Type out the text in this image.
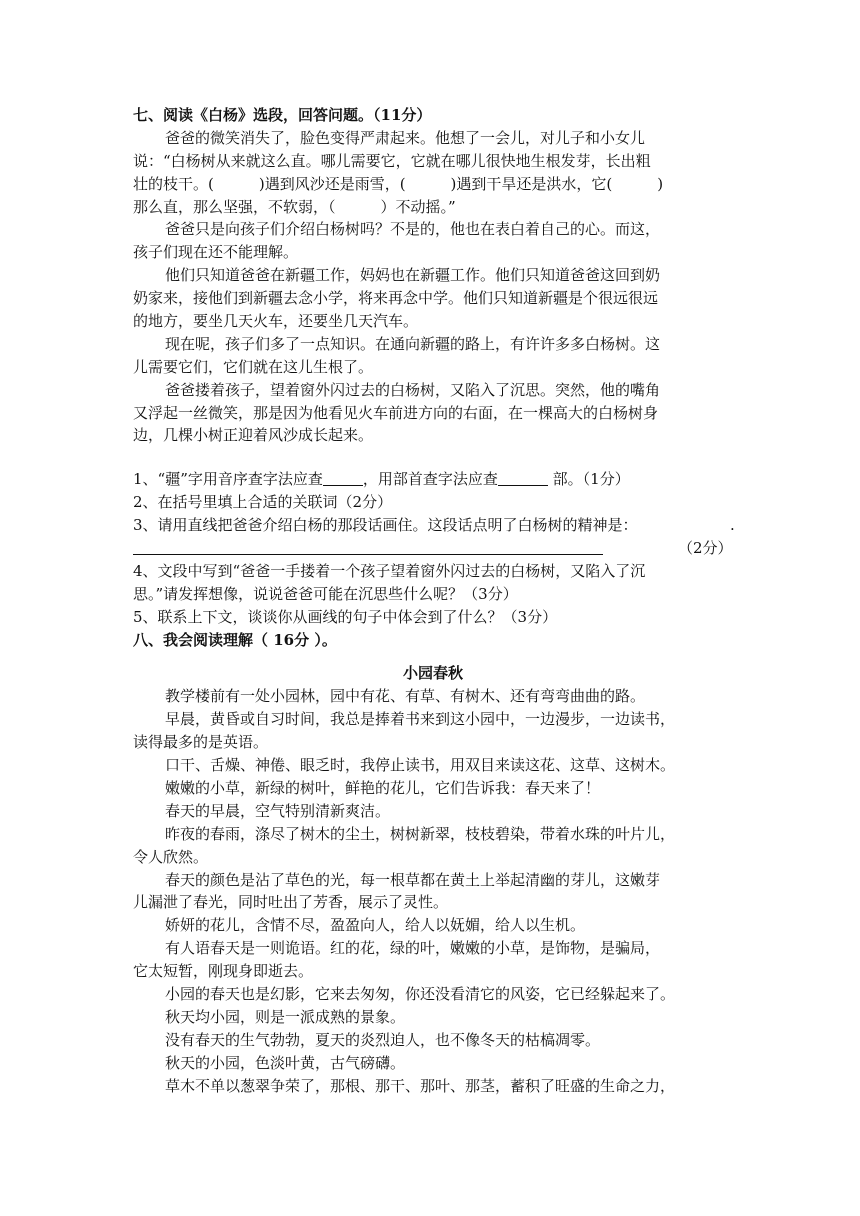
七、阅读《白杨》选段，回答问题。（11分）
爸爸的微笑消失了，脸色变得严肃起来。他想了一会儿，对儿子和小女儿
说：“白杨树从来就这么直。哪儿需要它，它就在哪儿很快地生根发芽，长出粗
壮的枝干。(　　　)遇到风沙还是雨雪，(　　　)遇到干旱还是洪水，它(　　　)
那么直，那么坚强，不软弱，（　　　）不动摇。”
爸爸只是向孩子们介绍白杨树吗？不是的，他也在表白着自己的心。而这，
孩子们现在还不能理解。
他们只知道爸爸在新疆工作，妈妈也在新疆工作。他们只知道爸爸这回到奶
奶家来，接他们到新疆去念小学，将来再念中学。他们只知道新疆是个很远很远
的地方，要坐几天火车，还要坐几天汽车。
现在呢，孩子们多了一点知识。在通向新疆的路上，有许许多多白杨树。这
儿需要它们，它们就在这儿生根了。
爸爸搂着孩子，望着窗外闪过去的白杨树，又陷入了沉思。突然，他的嘴角
又浮起一丝微笑，那是因为他看见火车前进方向的右面，在一棵高大的白杨树身
边，几棵小树正迎着风沙成长起来。
1、“疆”字用音序查字法应查	，用部首查字法应查	部。（1分）
2、在括号里填上合适的关联词（2分）
3、请用直线把爸爸介绍白杨的那段话画住。这段话点明了白杨树的精神是：	.
（2分）
4、文段中写到“爸爸一手搂着一个孩子望着窗外闪过去的白杨树，又陷入了沉
思。”请发挥想像，说说爸爸可能在沉思些什么呢？（3分）
5、联系上下文，谈谈你从画线的句子中体会到了什么？（3分）
八、我会阅读理解（ 16分 ）。
小园春秋
教学楼前有一处小园林，园中有花、有草、有树木、还有弯弯曲曲的路。
早晨，黄昏或自习时间，我总是捧着书来到这小园中，一边漫步，一边读书，
读得最多的是英语。
口干、舌燥、神倦、眼乏时，我停止读书，用双目来读这花、这草、这树木。
嫩嫩的小草，新绿的树叶，鲜艳的花儿，它们告诉我：春天来了！
春天的早晨，空气特别清新爽洁。
昨夜的春雨，涤尽了树木的尘土，树树新翠，枝枝碧染，带着水珠的叶片儿，
令人欣然。
春天的颜色是沾了草色的光，每一根草都在黄土上举起清幽的芽儿，这嫩芽
儿漏泄了春光，同时吐出了芳香，展示了灵性。
娇妍的花儿，含情不尽，盈盈向人，给人以妩媚，给人以生机。
有人语春天是一则诡语。红的花，绿的叶，嫩嫩的小草，是饰物，是骗局，
它太短暂，刚现身即逝去。
小园的春天也是幻影，它来去匆匆，你还没看清它的风姿，它已经躲起来了。
秋天均小园，则是一派成熟的景象。
没有春天的生气勃勃，夏天的炎烈迫人，也不像冬天的枯槁凋零。
秋天的小园，色淡叶黄，古气磅礴。
草木不单以葱翠争荣了，那根、那干、那叶、那茎，蓄积了旺盛的生命之力，
